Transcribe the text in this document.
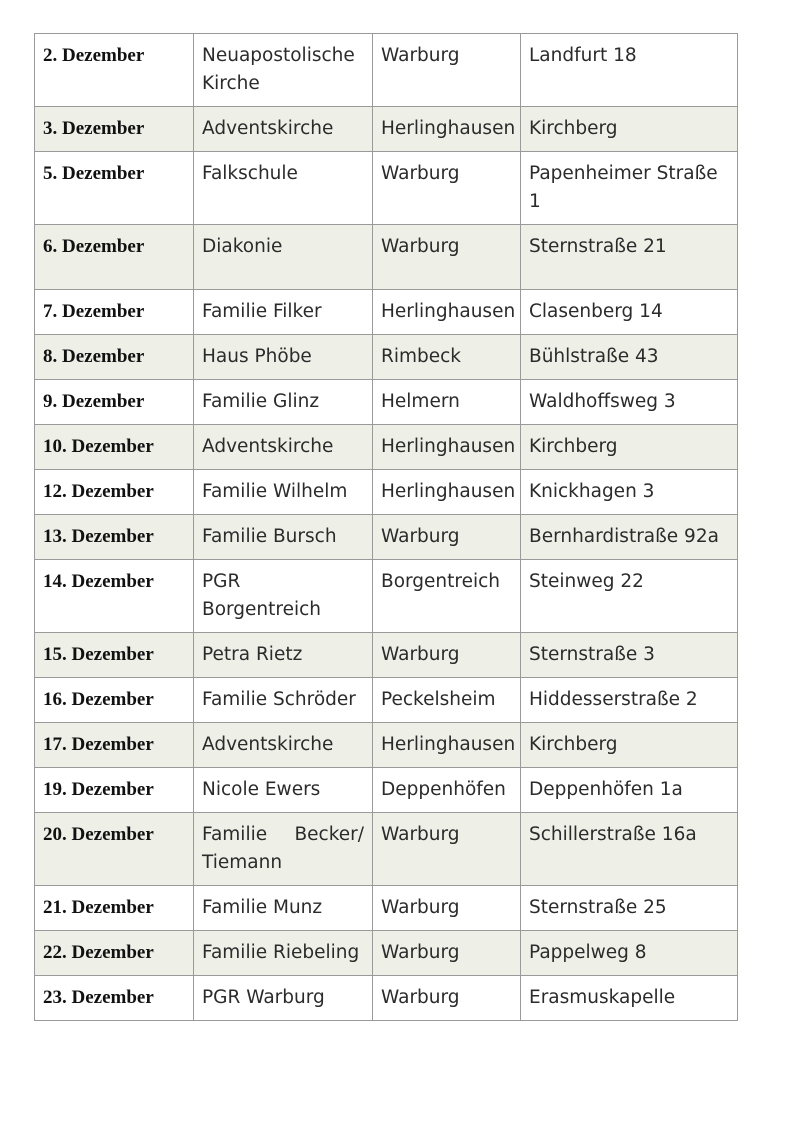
2. Dezember	Neuapostolische Kirche	Warburg	Landfurt 18
3. Dezember	Adventskirche	Herlinghausen	Kirchberg
5. Dezember	Falkschule	Warburg	Papenheimer Straße 1
6. Dezember	Diakonie	Warburg	Sternstraße 21
7. Dezember	Familie Filker	Herlinghausen	Clasenberg 14
8. Dezember	Haus Phöbe	Rimbeck	Bühlstraße 43
9. Dezember	Familie Glinz	Helmern	Waldhoffsweg 3
10. Dezember	Adventskirche	Herlinghausen	Kirchberg
12. Dezember	Familie Wilhelm	Herlinghausen	Knickhagen 3
13. Dezember	Familie Bursch	Warburg	Bernhardistraße 92a
14. Dezember	PGR Borgentreich	Borgentreich	Steinweg 22
15. Dezember	Petra Rietz	Warburg	Sternstraße 3
16. Dezember	Familie Schröder	Peckelsheim	Hiddesserstraße 2
17. Dezember	Adventskirche	Herlinghausen	Kirchberg
19. Dezember	Nicole Ewers	Deppenhöfen	Deppenhöfen 1a
20. Dezember	Familie Becker/ Tiemann	Warburg	Schillerstraße 16a
21. Dezember	Familie Munz	Warburg	Sternstraße 25
22. Dezember	Familie Riebeling	Warburg	Pappelweg 8
23. Dezember	PGR Warburg	Warburg	Erasmuskapelle
